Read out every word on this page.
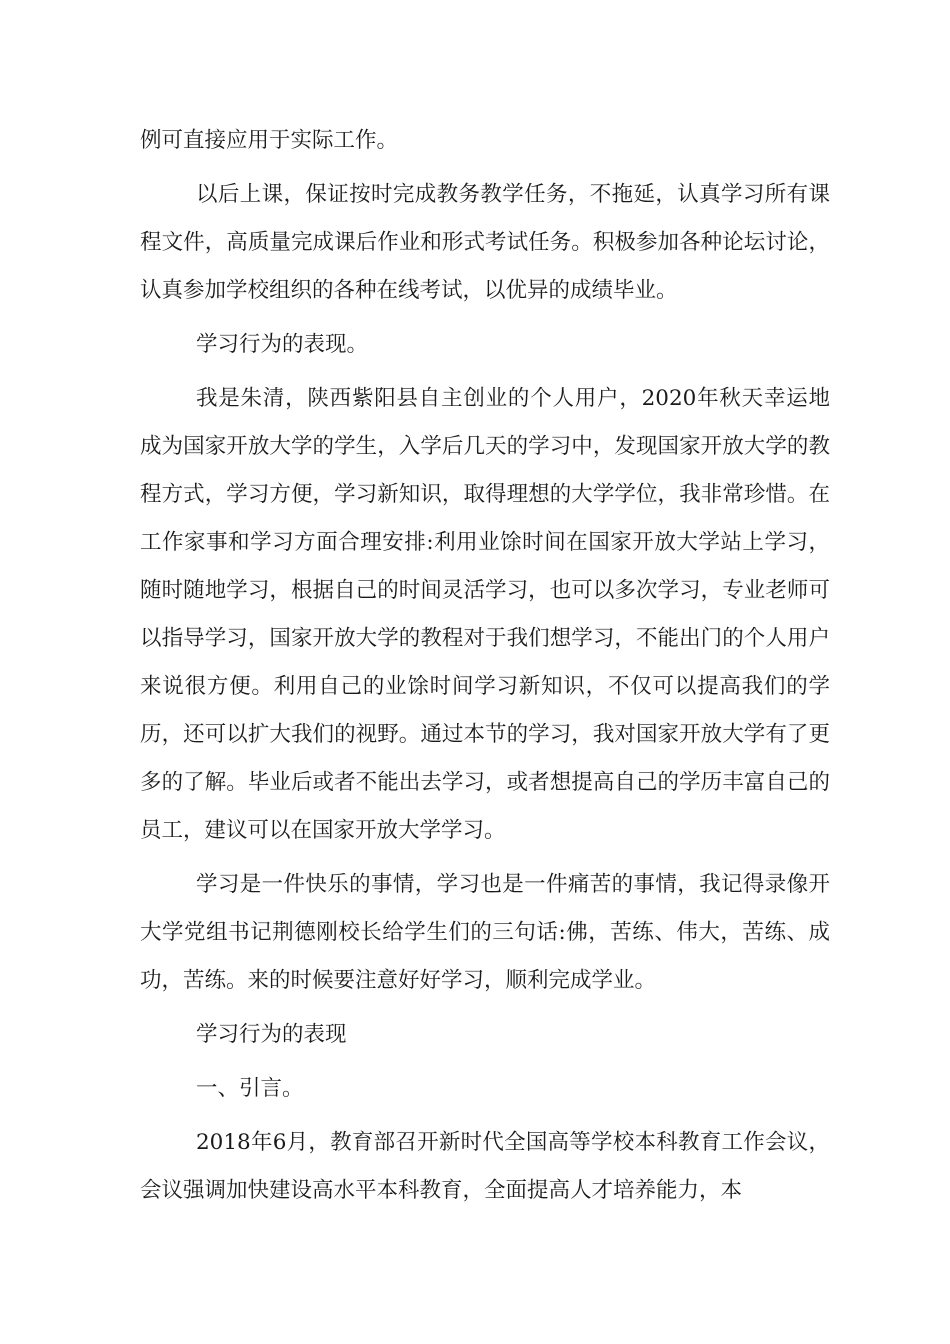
例可直接应用于实际工作。

以后上课，保证按时完成教务教学任务，不拖延，认真学习所有课程文件，高质量完成课后作业和形式考试任务。积极参加各种论坛讨论，认真参加学校组织的各种在线考试，以优异的成绩毕业。

学习行为的表现。

我是朱清，陕西紫阳县自主创业的个人用户，2020年秋天幸运地成为国家开放大学的学生，入学后几天的学习中，发现国家开放大学的教程方式，学习方便，学习新知识，取得理想的大学学位，我非常珍惜。在工作家事和学习方面合理安排:利用业馀时间在国家开放大学站上学习，随时随地学习，根据自己的时间灵活学习，也可以多次学习，专业老师可以指导学习，国家开放大学的教程对于我们想学习，不能出门的个人用户来说很方便。利用自己的业馀时间学习新知识，不仅可以提高我们的学历，还可以扩大我们的视野。通过本节的学习，我对国家开放大学有了更多的了解。毕业后或者不能出去学习，或者想提高自己的学历丰富自己的员工，建议可以在国家开放大学学习。

学习是一件快乐的事情，学习也是一件痛苦的事情，我记得录像开大学党组书记荆德刚校长给学生们的三句话:佛，苦练、伟大，苦练、成功，苦练。来的时候要注意好好学习，顺利完成学业。

学习行为的表现

一、引言。

2018年6月，教育部召开新时代全国高等学校本科教育工作会议，会议强调加快建设高水平本科教育，全面提高人才培养能力，本
